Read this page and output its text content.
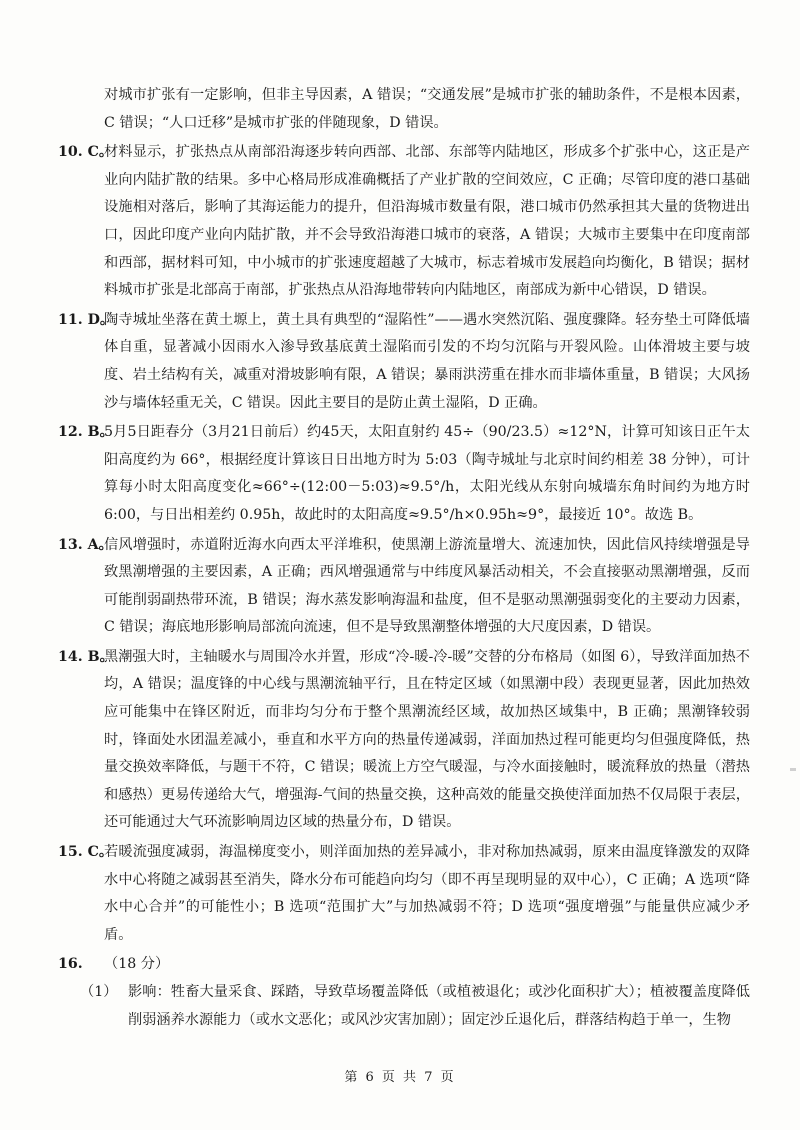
对城市扩张有一定影响，但非主导因素，A 错误；“交通发展”是城市扩张的辅助条件，不是根本因素，C 错误；“人口迁移”是城市扩张的伴随现象，D 错误。

10. C。
材料显示，扩张热点从南部沿海逐步转向西部、北部、东部等内陆地区，形成多个扩张中心，这正是产业向内陆扩散的结果。多中心格局形成准确概括了产业扩散的空间效应，C 正确；尽管印度的港口基础设施相对落后，影响了其海运能力的提升，但沿海城市数量有限，港口城市仍然承担其大量的货物进出口，因此印度产业向内陆扩散，并不会导致沿海港口城市的衰落，A 错误；大城市主要集中在印度南部和西部，据材料可知，中小城市的扩张速度超越了大城市，标志着城市发展趋向均衡化，B 错误；据材料城市扩张是北部高于南部，扩张热点从沿海地带转向内陆地区，南部成为新中心错误，D 错误。
11. D。
陶寺城址坐落在黄土塬上，黄土具有典型的“湿陷性”——遇水突然沉陷、强度骤降。轻夯垫土可降低墙体自重，显著减小因雨水入渗导致基底黄土湿陷而引发的不均匀沉陷与开裂风险。山体滑坡主要与坡度、岩土结构有关，减重对滑坡影响有限，A 错误；暴雨洪涝重在排水而非墙体重量，B 错误；大风扬沙与墙体轻重无关，C 错误。因此主要目的是防止黄土湿陷，D 正确。
12. B。
5月5日距春分（3月21日前后）约45天，太阳直射约 45÷（90/23.5）≈12°N，计算可知该日正午太阳高度约为 66°，根据经度计算该日日出地方时为 5:03（陶寺城址与北京时间约相差 38 分钟），可计算每小时太阳高度变化≈66°÷(12:00－5:03)≈9.5°/h，太阳光线从东射向城墙东角时间约为地方时 6:00，与日出相差约 0.95h，故此时的太阳高度≈9.5°/h×0.95h≈9°，最接近 10°。故选 B。
13. A。
信风增强时，赤道附近海水向西太平洋堆积，使黑潮上游流量增大、流速加快，因此信风持续增强是导致黑潮增强的主要因素，A 正确；西风增强通常与中纬度风暴活动相关，不会直接驱动黑潮增强，反而可能削弱副热带环流，B 错误；海水蒸发影响海温和盐度，但不是驱动黑潮强弱变化的主要动力因素，C 错误；海底地形影响局部流向流速，但不是导致黑潮整体增强的大尺度因素，D 错误。
14. B。
黑潮强大时，主轴暖水与周围冷水并置，形成“冷-暖-冷-暖”交替的分布格局（如图 6），导致洋面加热不均，A 错误；温度锋的中心线与黑潮流轴平行，且在特定区域（如黑潮中段）表现更显著，因此加热效应可能集中在锋区附近，而非均匀分布于整个黑潮流经区域，故加热区域集中，B 正确；黑潮锋较弱时，锋面处水团温差减小，垂直和水平方向的热量传递减弱，洋面加热过程可能更均匀但强度降低，热量交换效率降低，与题干不符，C 错误；暖流上方空气暖湿，与冷水面接触时，暖流释放的热量（潜热和感热）更易传递给大气，增强海-气间的热量交换，这种高效的能量交换使洋面加热不仅局限于表层，还可能通过大气环流影响周边区域的热量分布，D 错误。
15. C。
若暖流强度减弱，海温梯度变小，则洋面加热的差异减小，非对称加热减弱，原来由温度锋激发的双降水中心将随之减弱甚至消失，降水分布可能趋向均匀（即不再呈现明显的双中心），C 正确；A 选项“降水中心合并”的可能性小；B 选项“范围扩大”与加热减弱不符；D 选项“强度增强”与能量供应减少矛盾。
16.	（18 分）
（1） 影响：牲畜大量采食、踩踏，导致草场覆盖降低（或植被退化；或沙化面积扩大）；植被覆盖度降低削弱涵养水源能力（或水文恶化；或风沙灾害加剧）；固定沙丘退化后，群落结构趋于单一，生物
第 6 页 共 7 页
